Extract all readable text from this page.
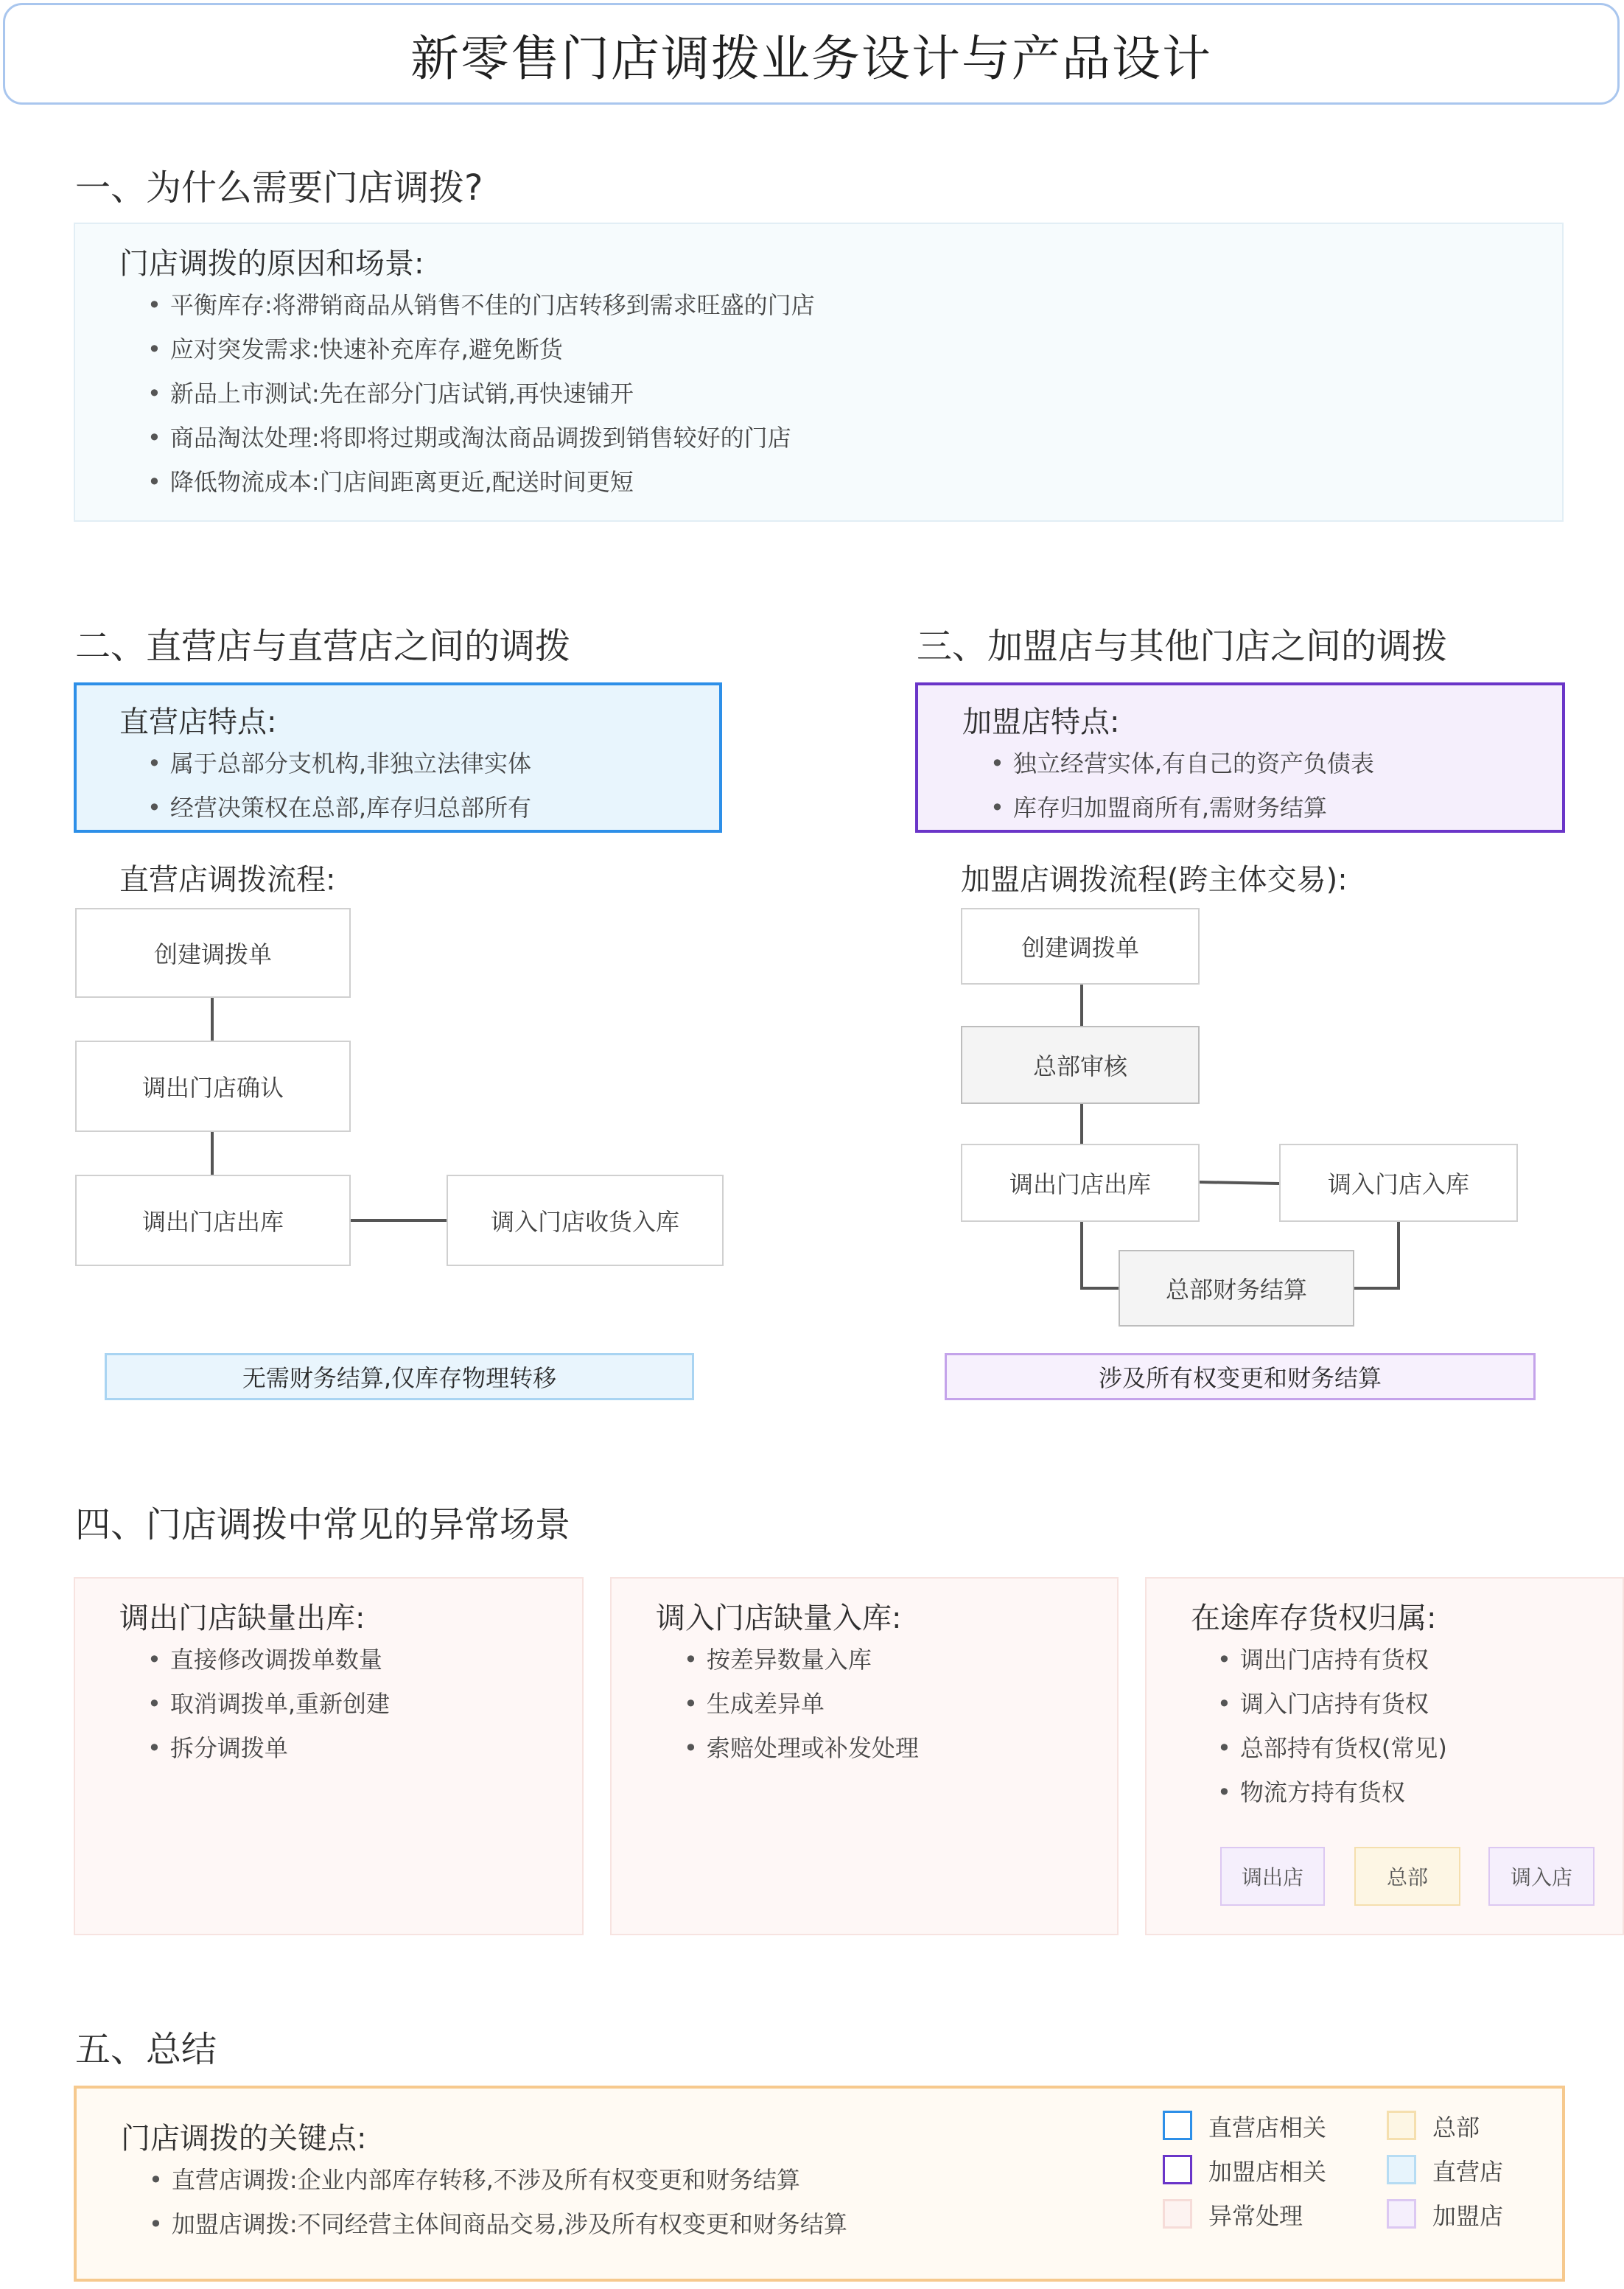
新零售门店调拨业务设计与产品设计
一、为什么需要门店调拨?
门店调拨的原因和场景:
• 平衡库存:将滞销商品从销售不佳的门店转移到需求旺盛的门店
• 应对突发需求:快速补充库存,避免断货
• 新品上市测试:先在部分门店试销,再快速铺开
• 商品淘汰处理:将即将过期或淘汰商品调拨到销售较好的门店
• 降低物流成本:门店间距离更近,配送时间更短
二、直营店与直营店之间的调拨
直营店特点:
• 属于总部分支机构,非独立法律实体
• 经营决策权在总部,库存归总部所有
直营店调拨流程:
创建调拨单
调出门店确认
调出门店出库	调入门店收货入库
无需财务结算,仅库存物理转移
三、加盟店与其他门店之间的调拨
加盟店特点:
• 独立经营实体,有自己的资产负债表
• 库存归加盟商所有,需财务结算
加盟店调拨流程(跨主体交易):
创建调拨单
总部审核
调出门店出库	调入门店入库
总部财务结算
涉及所有权变更和财务结算
四、门店调拨中常见的异常场景
调出门店缺量出库:
• 直接修改调拨单数量
• 取消调拨单,重新创建
• 拆分调拨单
调入门店缺量入库:
• 按差异数量入库
• 生成差异单
• 索赔处理或补发处理
在途库存货权归属:
• 调出门店持有货权
• 调入门店持有货权
• 总部持有货权(常见)
• 物流方持有货权
调出店	总部	调入店
五、总结
门店调拨的关键点:
• 直营店调拨:企业内部库存转移,不涉及所有权变更和财务结算
• 加盟店调拨:不同经营主体间商品交易,涉及所有权变更和财务结算
直营店相关	总部
加盟店相关	直营店
异常处理	加盟店
